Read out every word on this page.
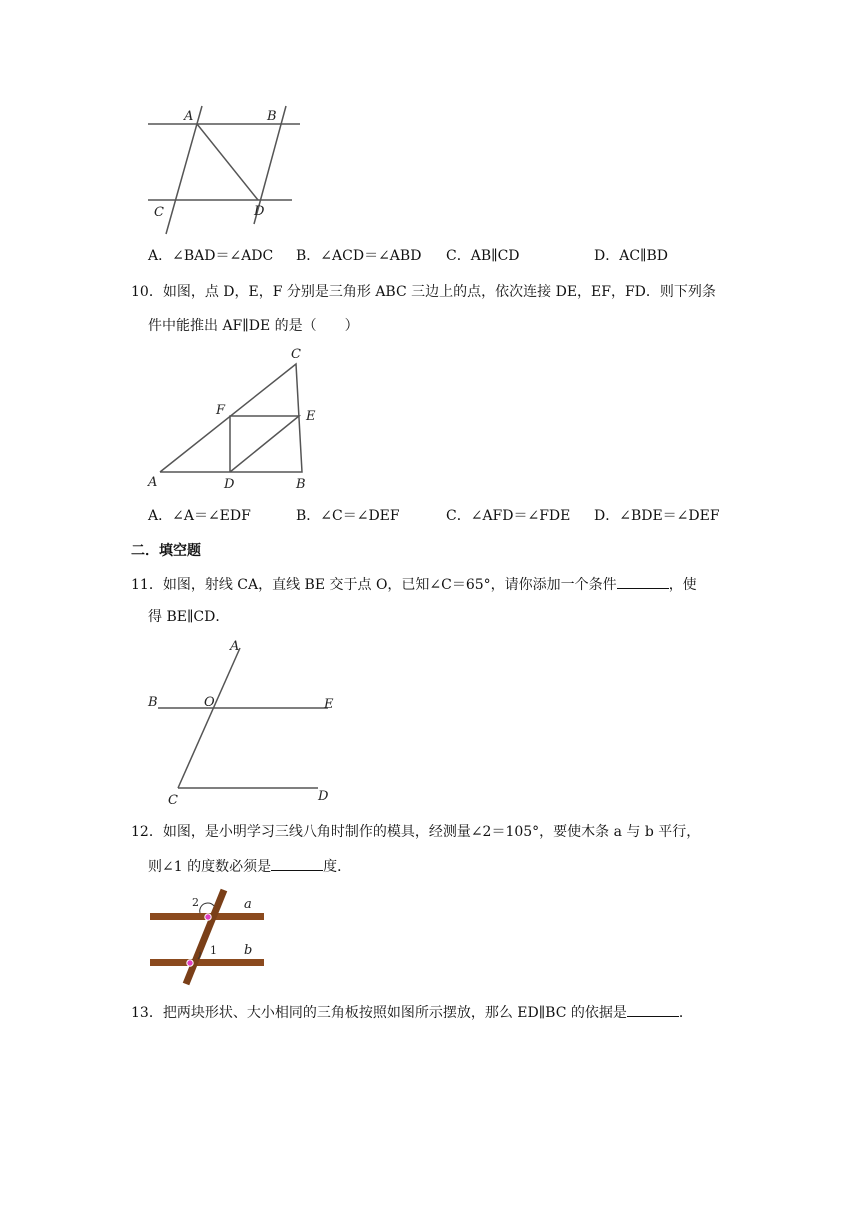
A	B
C	D
A．∠BAD＝∠ADC B．∠ACD＝∠ABD C．AB∥CD	D．AC∥BD
10．如图，点 D，E，F 分别是三角形 ABC 三边上的点，依次连接 DE，EF，FD．则下列条
件中能推出 AF∥DE 的是（　　）
C
F	E
A	D	B
A．∠A＝∠EDF	B．∠C＝∠DEF	C．∠AFD＝∠FDE D．∠BDE＝∠DEF
二．填空题
11．如图，射线 CA，直线 BE 交于点 O，已知∠C＝65°，请你添加一个条件	，使
得 BE∥CD．
A
B	O	E
C	D
12．如图，是小明学习三线八角时制作的模具，经测量∠2＝105°，要使木条 a 与 b 平行，
则∠1 的度数必须是	度．
2	a
1 b
13．把两块形状、大小相同的三角板按照如图所示摆放，那么 ED∥BC 的依据是	．
